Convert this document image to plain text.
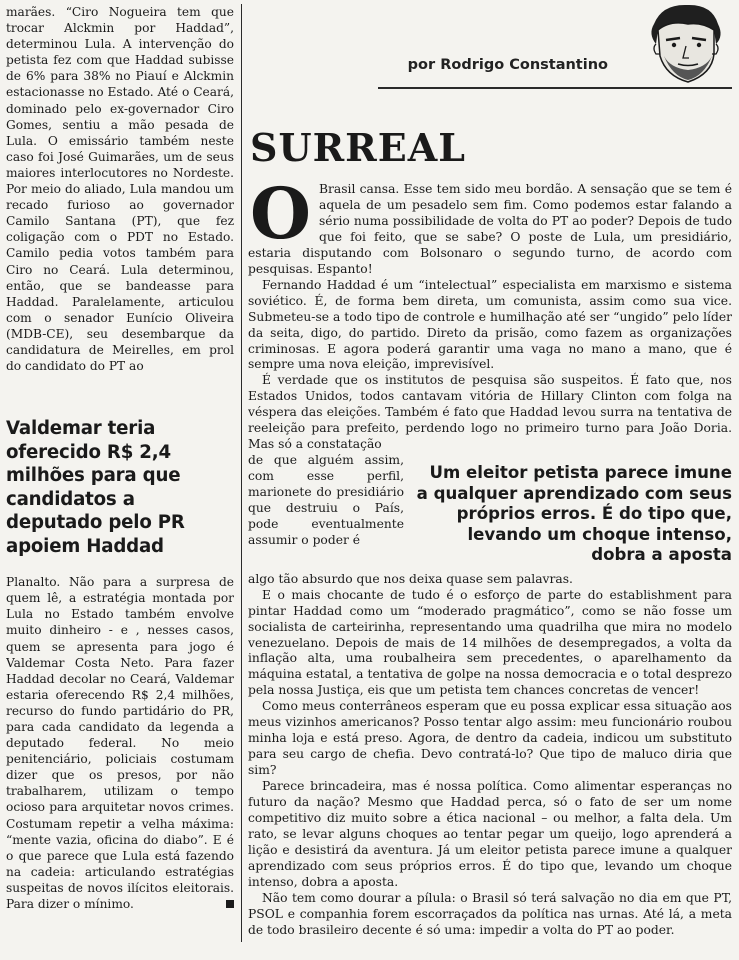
marães. “Ciro Nogueira tem que trocar Alckmin por Haddad”, determinou Lula. A intervenção do petista fez com que Haddad subisse de 6% para 38% no Piauí e Alckmin estacionasse no Estado. Até o Ceará, dominado pelo ex-governador Ciro Gomes, sentiu a mão pesada de Lula. O emissário também neste caso foi José Guimarães, um de seus maiores interlocutores no Nordeste. Por meio do aliado, Lula mandou um recado furioso ao governador Camilo Santana (PT), que fez coligação com o PDT no Estado. Camilo pedia votos também para Ciro no Ceará. Lula determinou, então, que se bandeasse para Haddad. Paralelamente, articulou com o senador Eunício Oliveira (MDB-CE), seu desembarque da candidatura de Meirelles, em prol do candidato do PT ao

Valdemar teria oferecido R$ 2,4 milhões para que candidatos a deputado pelo PR apoiem Haddad

Planalto. Não para a surpresa de quem lê, a estratégia montada por Lula no Estado também envolve muito dinheiro - e , nesses casos, quem se apresenta para jogo é Valdemar Costa Neto. Para fazer Haddad decolar no Ceará, Valdemar estaria oferecendo R$ 2,4 milhões, recurso do fundo partidário do PR, para cada candidato da legenda a deputado federal. No meio penitenciário, policiais costumam dizer que os presos, por não trabalharem, utilizam o tempo ocioso para arquitetar novos crimes. Costumam repetir a velha máxima: “mente vazia, oficina do diabo”. E é o que parece que Lula está fazendo na cadeia: articulando estratégias suspeitas de novos ilícitos eleitorais. Para dizer o mínimo.

por Rodrigo Constantino
SURREAL

O Brasil cansa. Esse tem sido meu bordão. A sensação que se tem é aquela de um pesadelo sem fim. Como podemos estar falando a sério numa possibilidade de volta do PT ao poder? Depois de tudo que foi feito, que se sabe? O poste de Lula, um presidiário, estaria disputando com Bolsonaro o segundo turno, de acordo com pesquisas. Espanto!

Fernando Haddad é um “intelectual” especialista em marxismo e sistema soviético. É, de forma bem direta, um comunista, assim como sua vice. Submeteu-se a todo tipo de controle e humilhação até ser “ungido” pelo líder da seita, digo, do partido. Direto da prisão, como fazem as organizações criminosas. E agora poderá garantir uma vaga no mano a mano, que é sempre uma nova eleição, imprevisível.

É verdade que os institutos de pesquisa são suspeitos. É fato que, nos Estados Unidos, todos cantavam vitória de Hillary Clinton com folga na véspera das eleições. Também é fato que Haddad levou surra na tentativa de reeleição para prefeito, perdendo logo no primeiro turno para João Doria. Mas só a constatação

Um eleitor petista parece imune a qualquer aprendizado com seus próprios erros. É do tipo que, levando um choque intenso, dobra a aposta

de que alguém assim, com esse perfil, marionete do presidiário que destruiu o País, pode eventualmente assumir o poder é

algo tão absurdo que nos deixa quase sem palavras.

E o mais chocante de tudo é o esforço de parte do establishment para pintar Haddad como um “moderado pragmático”, como se não fosse um socialista de carteirinha, representando uma quadrilha que mira no modelo venezuelano. Depois de mais de 14 milhões de desempregados, a volta da inflação alta, uma roubalheira sem precedentes, o aparelhamento da máquina estatal, a tentativa de golpe na nossa democracia e o total desprezo pela nossa Justiça, eis que um petista tem chances concretas de vencer!

Como meus conterrâneos esperam que eu possa explicar essa situação aos meus vizinhos americanos? Posso tentar algo assim: meu funcionário roubou minha loja e está preso. Agora, de dentro da cadeia, indicou um substituto para seu cargo de chefia. Devo contratá-lo? Que tipo de maluco diria que sim?

Parece brincadeira, mas é nossa política. Como alimentar esperanças no futuro da nação? Mesmo que Haddad perca, só o fato de ser um nome competitivo diz muito sobre a ética nacional – ou melhor, a falta dela. Um rato, se levar alguns choques ao tentar pegar um queijo, logo aprenderá a lição e desistirá da aventura. Já um eleitor petista parece imune a qualquer aprendizado com seus próprios erros. É do tipo que, levando um choque intenso, dobra a aposta.

Não tem como dourar a pílula: o Brasil só terá salvação no dia em que PT, PSOL e companhia forem escorraçados da política nas urnas. Até lá, a meta de todo brasileiro decente é só uma: impedir a volta do PT ao poder.
